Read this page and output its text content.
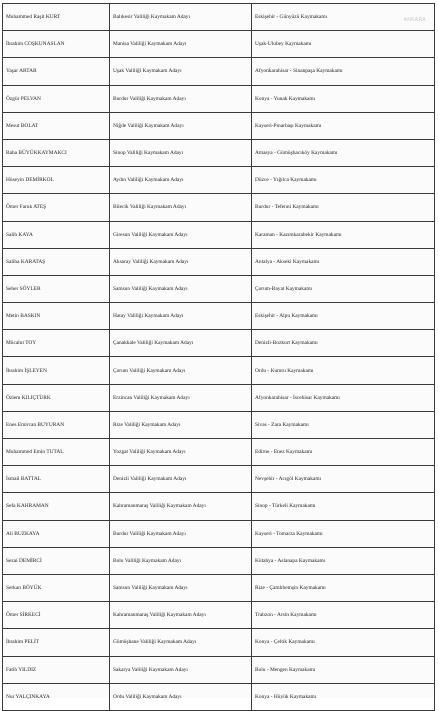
ANKARA
Muhammed Raşit KURT	Balıkesir Valiliği Kaymakam Adayı	Eskişehir - Günyüzü Kaymakamı
İbrahim COŞKUNASLAN	Manisa Valiliği Kaymakam Adayı	Uşak-Ulubey Kaymakamı
Yaşar ARTAR	Uşak Valiliği Kaymakam Adayı	Afyonkarahisar - Sinanpaşa Kaymakamı
Özgür PELVAN	Burdur Valiliği Kaymakam Adayı	Konya - Yunak Kaymakamı
Mesut BOLAT	Niğde Valiliği Kaymakam Adayı	Kayseri-Pınarbaşı Kaymakamı
Baha BÜYÜKKAYMAKCI	Sinop Valiliği Kaymakam Adayı	Amasya - Gümüşhacıköy Kaymakamı
Hüseyin DEMİRKOL	Aydın Valiliği Kaymakam Adayı	Düzce - Yığılca Kaymakamı
Ömer Faruk ATEŞ	Bilecik Valiliği Kaymakam Adayı	Burdur - Tefenni Kaymakamı
Salih KAYA	Giresun Valiliği Kaymakam Adayı	Karaman - Kazımkarabekir Kaymakamı
Saliha KARATAŞ	Aksaray Valiliği Kaymakam Adayı	Antalya - Akseki Kaymakamı
Seher SÖYLER	Samsun Valiliği Kaymakam Adayı	Çorum-Bayat Kaymakamı
Metin BASKIN	Hatay Valiliği Kaymakam Adayı	Eskişehir - Alpu Kaymakamı
Mücahıt TOY	Çanakkale Valiliği Kaymakam Adayı	Denizli-Bozkurt Kaymakamı
İbrahim İŞLEYEN	Çorum Valiliği Kaymakam Adayı	Ordu - Kumru Kaymakamı
Özlem KILIÇTÜRK	Erzincan Valiliği Kaymakam Adayı	Afyonkarahisar - İscehisar Kaymakamı
Enes Emircan BUYURAN	Rize Valiliği Kaymakam Adayı	Sivas - Zara Kaymakamı
Muhammed Emin TUTAL	Yozgat Valiliği Kaymakam Adayı	Edirne - Enez Kaymakamı
İsmail BATTAL	Denizli Valiliği Kaymakam Adayı	Nevşehir - Acıgöl Kaymakamı
Sefa KAHRAMAN	Kahramanmaraş Valiliği Kaymakam Adayı	Sinop - Türkeli Kaymakamı
Ali BUZKAYA	Burdur Valiliği Kaymakam Adayı	Kayseri - Tomarza Kaymakamı
Sezai DEMİRCİ	Bolu Valiliği Kaymakam Adayı	Kütahya - Aslanapa Kaymakamı
Serkan BÖYÜK	Samsun Valiliği Kaymakam Adayı	Rize - Çamlıhemşin Kaymakamı
Ömer SİRKECİ	Kahramanmaraş Valiliği Kaymakam Adayı	Trabzon - Arsin Kaymakamı
İbrahim PELİT	Gümüşhane Valiliği Kaymakam Adayı	Konya - Çeltik Kaymakamı
Fatih YILDIZ	Sakarya Valiliği Kaymakam Adayı	Bolu - Mengen Kaymakamı
Nur YALÇINKAYA	Ordu Valiliği Kaymakam Adayı	Konya - Hüyük Kaymakamı
